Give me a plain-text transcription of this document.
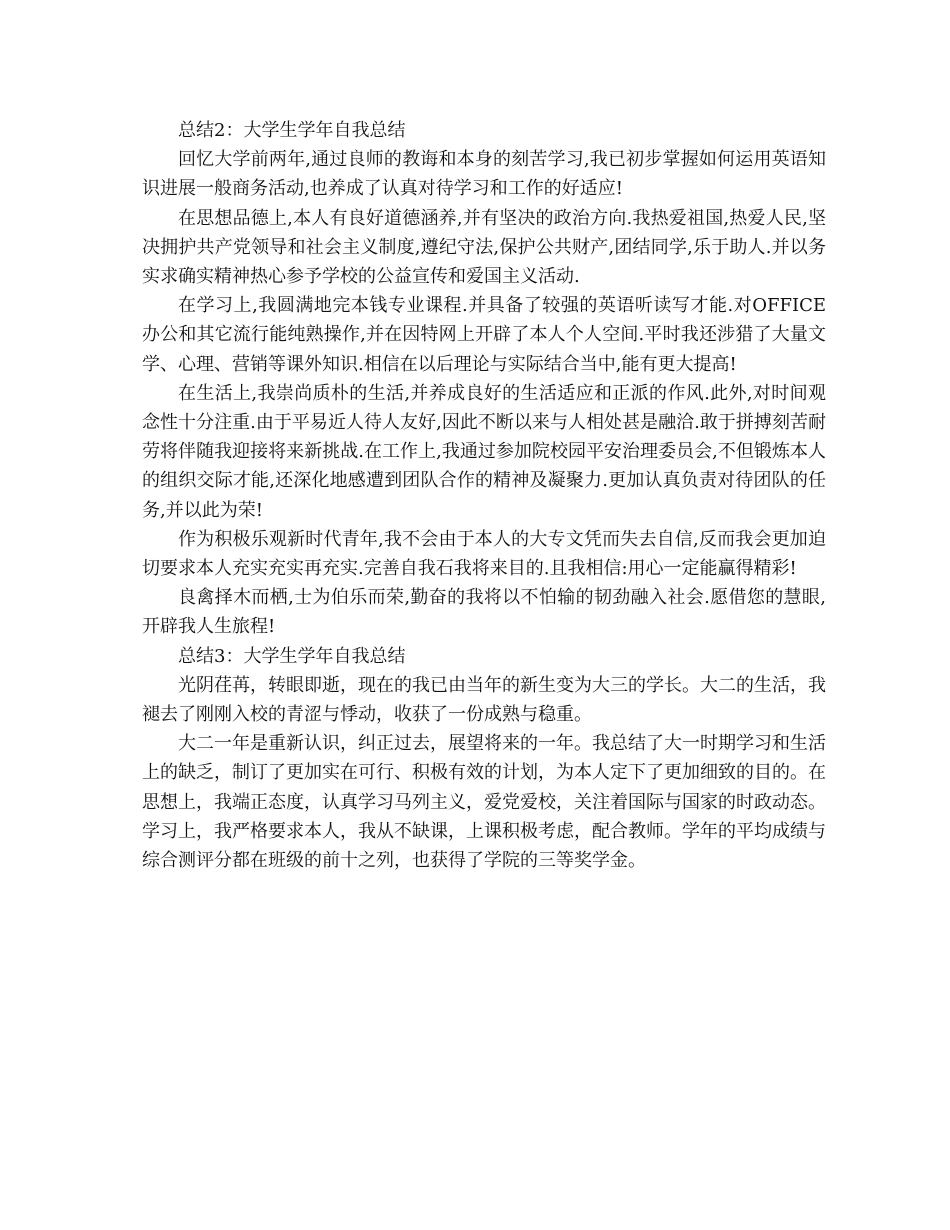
总结2：大学生学年自我总结

回忆大学前两年,通过良师的教诲和本身的刻苦学习,我已初步掌握如何运用英语知识进展一般商务活动,也养成了认真对待学习和工作的好适应!

在思想品德上,本人有良好道德涵养,并有坚决的政治方向.我热爱祖国,热爱人民,坚决拥护共产党领导和社会主义制度,遵纪守法,保护公共财产,团结同学,乐于助人.并以务实求确实精神热心参予学校的公益宣传和爱国主义活动.

在学习上,我圆满地完本钱专业课程.并具备了较强的英语听读写才能.对OFFICE办公和其它流行能纯熟操作,并在因特网上开辟了本人个人空间.平时我还涉猎了大量文学、心理、营销等课外知识.相信在以后理论与实际结合当中,能有更大提高!

在生活上,我崇尚质朴的生活,并养成良好的生活适应和正派的作风.此外,对时间观念性十分注重.由于平易近人待人友好,因此不断以来与人相处甚是融洽.敢于拼搏刻苦耐劳将伴随我迎接将来新挑战.在工作上,我通过参加院校园平安治理委员会,不但锻炼本人的组织交际才能,还深化地感遭到团队合作的精神及凝聚力.更加认真负责对待团队的任务,并以此为荣!

作为积极乐观新时代青年,我不会由于本人的大专文凭而失去自信,反而我会更加迫切要求本人充实充实再充实.完善自我石我将来目的.且我相信:用心一定能赢得精彩!

良禽择木而栖,士为伯乐而荣,勤奋的我将以不怕输的韧劲融入社会.愿借您的慧眼,开辟我人生旅程!

总结3：大学生学年自我总结

光阴荏苒，转眼即逝，现在的我已由当年的新生变为大三的学长。大二的生活，我褪去了刚刚入校的青涩与悸动，收获了一份成熟与稳重。

大二一年是重新认识，纠正过去，展望将来的一年。我总结了大一时期学习和生活上的缺乏，制订了更加实在可行、积极有效的计划，为本人定下了更加细致的目的。在思想上，我端正态度，认真学习马列主义，爱党爱校，关注着国际与国家的时政动态。学习上，我严格要求本人，我从不缺课，上课积极考虑，配合教师。学年的平均成绩与综合测评分都在班级的前十之列，也获得了学院的三等奖学金。
